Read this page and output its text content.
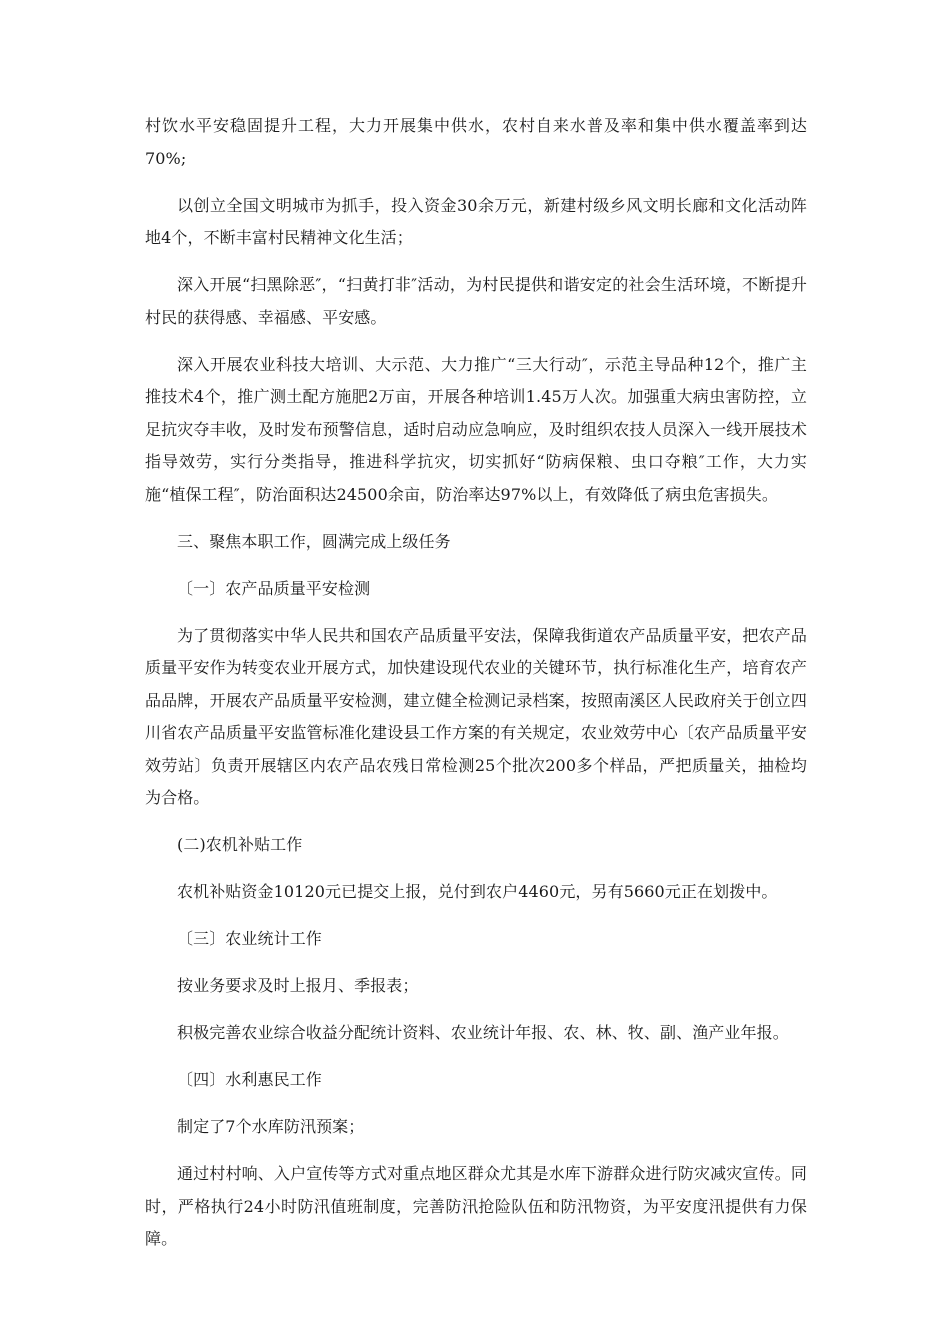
村饮水平安稳固提升工程，大力开展集中供水，农村自来水普及率和集中供水覆盖率到达70%;

以创立全国文明城市为抓手，投入资金30余万元，新建村级乡风文明长廊和文化活动阵地4个，不断丰富村民精神文化生活；

深入开展“扫黑除恶″，“扫黄打非″活动，为村民提供和谐安定的社会生活环境，不断提升村民的获得感、幸福感、平安感。

深入开展农业科技大培训、大示范、大力推广“三大行动″，示范主导品种12个，推广主推技术4个，推广测土配方施肥2万亩，开展各种培训1.45万人次。加强重大病虫害防控，立足抗灾夺丰收，及时发布预警信息，适时启动应急响应，及时组织农技人员深入一线开展技术指导效劳，实行分类指导，推进科学抗灾，切实抓好“防病保粮、虫口夺粮″工作，大力实施“植保工程″，防治面积达24500余亩，防治率达97%以上，有效降低了病虫危害损失。

三、聚焦本职工作，圆满完成上级任务

〔一〕农产品质量平安检测

为了贯彻落实中华人民共和国农产品质量平安法，保障我街道农产品质量平安，把农产品质量平安作为转变农业开展方式，加快建设现代农业的关键环节，执行标准化生产，培育农产品品牌，开展农产品质量平安检测，建立健全检测记录档案，按照南溪区人民政府关于创立四川省农产品质量平安监管标准化建设县工作方案的有关规定，农业效劳中心〔农产品质量平安效劳站〕负责开展辖区内农产品农残日常检测25个批次200多个样品，严把质量关，抽检均为合格。

(二)农机补贴工作

农机补贴资金10120元已提交上报，兑付到农户4460元，另有5660元正在划拨中。

〔三〕农业统计工作

按业务要求及时上报月、季报表；

积极完善农业综合收益分配统计资料、农业统计年报、农、林、牧、副、渔产业年报。

〔四〕水利惠民工作

制定了7个水库防汛预案；

通过村村响、入户宣传等方式对重点地区群众尤其是水库下游群众进行防灾减灾宣传。同时，严格执行24小时防汛值班制度，完善防汛抢险队伍和防汛物资，为平安度汛提供有力保障。
